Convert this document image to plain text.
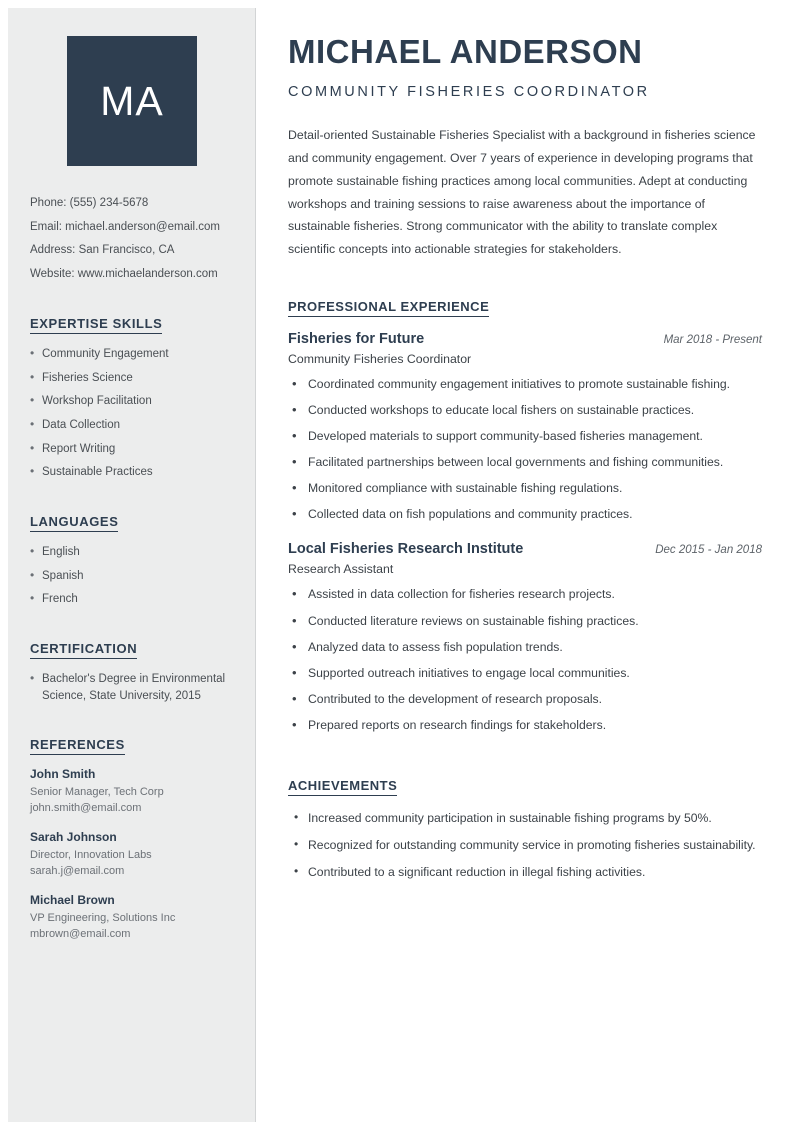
MA
Phone: (555) 234-5678
Email: michael.anderson@email.com
Address: San Francisco, CA
Website: www.michaelanderson.com
EXPERTISE SKILLS
• Community Engagement
• Fisheries Science
• Workshop Facilitation
• Data Collection
• Report Writing
• Sustainable Practices
LANGUAGES
• English
• Spanish
• French
CERTIFICATION
• Bachelor's Degree in Environmental Science, State University, 2015
REFERENCES
John Smith
Senior Manager, Tech Corp
john.smith@email.com
Sarah Johnson
Director, Innovation Labs
sarah.j@email.com
Michael Brown
VP Engineering, Solutions Inc
mbrown@email.com
MICHAEL ANDERSON
COMMUNITY FISHERIES COORDINATOR

Detail-oriented Sustainable Fisheries Specialist with a background in fisheries science and community engagement. Over 7 years of experience in developing programs that promote sustainable fishing practices among local communities. Adept at conducting workshops and training sessions to raise awareness about the importance of sustainable fisheries. Strong communicator with the ability to translate complex scientific concepts into actionable strategies for stakeholders.

PROFESSIONAL EXPERIENCE
Fisheries for Future	Mar 2018 - Present
Community Fisheries Coordinator
• Coordinated community engagement initiatives to promote sustainable fishing.
• Conducted workshops to educate local fishers on sustainable practices.
• Developed materials to support community-based fisheries management.
• Facilitated partnerships between local governments and fishing communities.
• Monitored compliance with sustainable fishing regulations.
• Collected data on fish populations and community practices.
Local Fisheries Research Institute	Dec 2015 - Jan 2018
Research Assistant
• Assisted in data collection for fisheries research projects.
• Conducted literature reviews on sustainable fishing practices.
• Analyzed data to assess fish population trends.
• Supported outreach initiatives to engage local communities.
• Contributed to the development of research proposals.
• Prepared reports on research findings for stakeholders.
ACHIEVEMENTS
• Increased community participation in sustainable fishing programs by 50%.
• Recognized for outstanding community service in promoting fisheries sustainability.
• Contributed to a significant reduction in illegal fishing activities.
